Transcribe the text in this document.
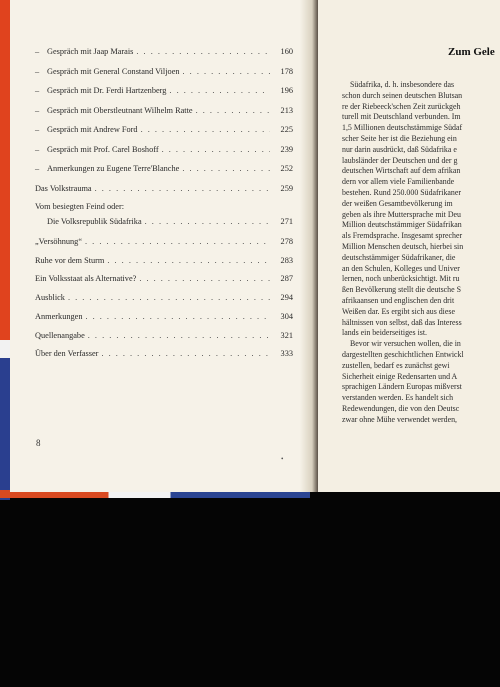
– Gespräch mit Jaap Marais . . .	160
– Gespräch mit General Constand Viljoen . . .	178
– Gespräch mit Dr. Ferdi Hartzenberg . . .	196
– Gespräch mit Oberstleutnant Wilhelm Ratte . . .	213
– Gespräch mit Andrew Ford . . .	225
– Gespräch mit Prof. Carel Boshoff . . .	239
– Anmerkungen zu Eugene Terre'Blanche . . .	252
Das Volkstrauma . . .	259
Vom besiegten Feind oder:
Die Volksrepublik Südafrika . . .	271
„Versöhnung“ . . .	278
Ruhe vor dem Sturm . . .	283
Ein Volksstaat als Alternative? . . .	287
Ausblick . . .	294
Anmerkungen . . .	304
Quellenangabe . . .	321
Über den Verfasser . . .	333
8
•
Zum Gele
Südafrika, d. h. insbesondere das
schon durch seinen deutschen Blutsan
re der Riebeeck'schen Zeit zurückgeh
turell mit Deutschland verbunden. Im
1,5 Millionen deutschstämmige Südaf
scher Seite her ist die Beziehung ein
nur darin ausdrückt, daß Südafrika e
laubsländer der Deutschen und der g
deutschen Wirtschaft auf dem afrikan
dern vor allem viele Familienbande
bestehen. Rund 250.000 Südafrikaner
der weißen Gesamtbevölkerung im
geben als ihre Muttersprache mit Deu
Million deutschstämmiger Südafrikan
als Fremdsprache. Insgesamt sprecher
Million Menschen deutsch, hierbei sin
deutschstämmiger Südafrikaner, die
an den Schulen, Kolleges und Univer
lernen, noch unberücksichtigt. Mit ru
ßen Bevölkerung stellt die deutsche S
afrikaansen und englischen den drit
Weißen dar. Es ergibt sich aus diese
hältnissen von selbst, daß das Interess
lands ein beiderseitiges ist.
Bevor wir versuchen wollen, die in
dargestellten geschichtlichen Entwickl
zustellen, bedarf es zunächst gewi
Sicherheit einige Redensarten und A
sprachigen Ländern Europas mißverst
verstanden werden. Es handelt sich
Redewendungen, die von den Deutsc
zwar ohne Mühe verwendet werden,
